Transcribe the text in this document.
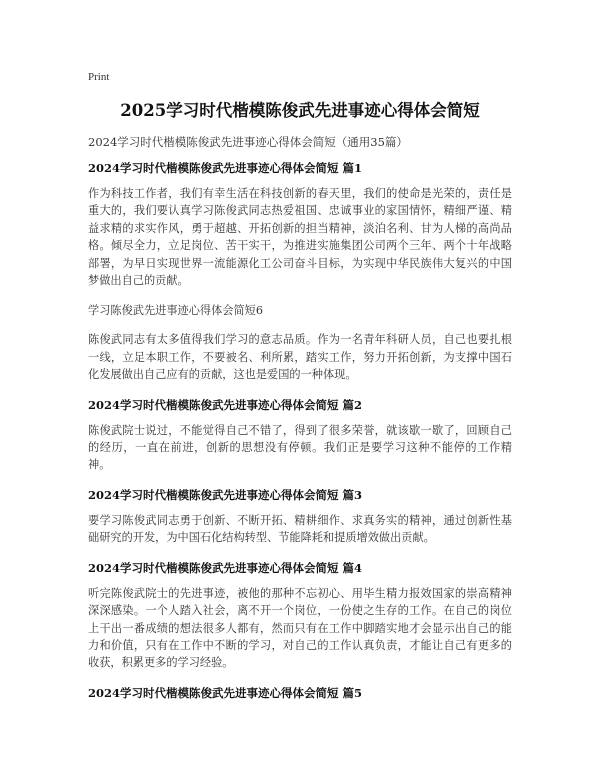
Print
2025学习时代楷模陈俊武先进事迹心得体会简短

2024学习时代楷模陈俊武先进事迹心得体会简短（通用35篇）

2024学习时代楷模陈俊武先进事迹心得体会简短 篇1

作为科技工作者，我们有幸生活在科技创新的春天里，我们的使命是光荣的，责任是重大的，我们要认真学习陈俊武同志热爱祖国、忠诚事业的家国情怀，精细严谨、精益求精的求实作风，勇于超越、开拓创新的担当精神，淡泊名利、甘为人梯的高尚品格。倾尽全力，立足岗位、苦干实干，为推进实施集团公司两个三年、两个十年战略部署，为早日实现世界一流能源化工公司奋斗目标，为实现中华民族伟大复兴的中国梦做出自己的贡献。

学习陈俊武先进事迹心得体会简短6

陈俊武同志有太多值得我们学习的意志品质。作为一名青年科研人员，自己也要扎根一线，立足本职工作，不要被名、利所累，踏实工作，努力开拓创新，为支撑中国石化发展做出自己应有的贡献，这也是爱国的一种体现。

2024学习时代楷模陈俊武先进事迹心得体会简短 篇2

陈俊武院士说过，不能觉得自己不错了，得到了很多荣誉，就该歇一歇了，回顾自己的经历，一直在前进，创新的思想没有停顿。我们正是要学习这种不能停的工作精神。

2024学习时代楷模陈俊武先进事迹心得体会简短 篇3

要学习陈俊武同志勇于创新、不断开拓、精耕细作、求真务实的精神，通过创新性基础研究的开发，为中国石化结构转型、节能降耗和提质增效做出贡献。

2024学习时代楷模陈俊武先进事迹心得体会简短 篇4

听完陈俊武院士的先进事迹，被他的那种不忘初心、用毕生精力报效国家的崇高精神深深感染。一个人踏入社会，离不开一个岗位，一份使之生存的工作。在自己的岗位上干出一番成绩的想法很多人都有，然而只有在工作中脚踏实地才会显示出自己的能力和价值，只有在工作中不断的学习，对自己的工作认真负责，才能让自己有更多的收获，积累更多的学习经验。

2024学习时代楷模陈俊武先进事迹心得体会简短 篇5
